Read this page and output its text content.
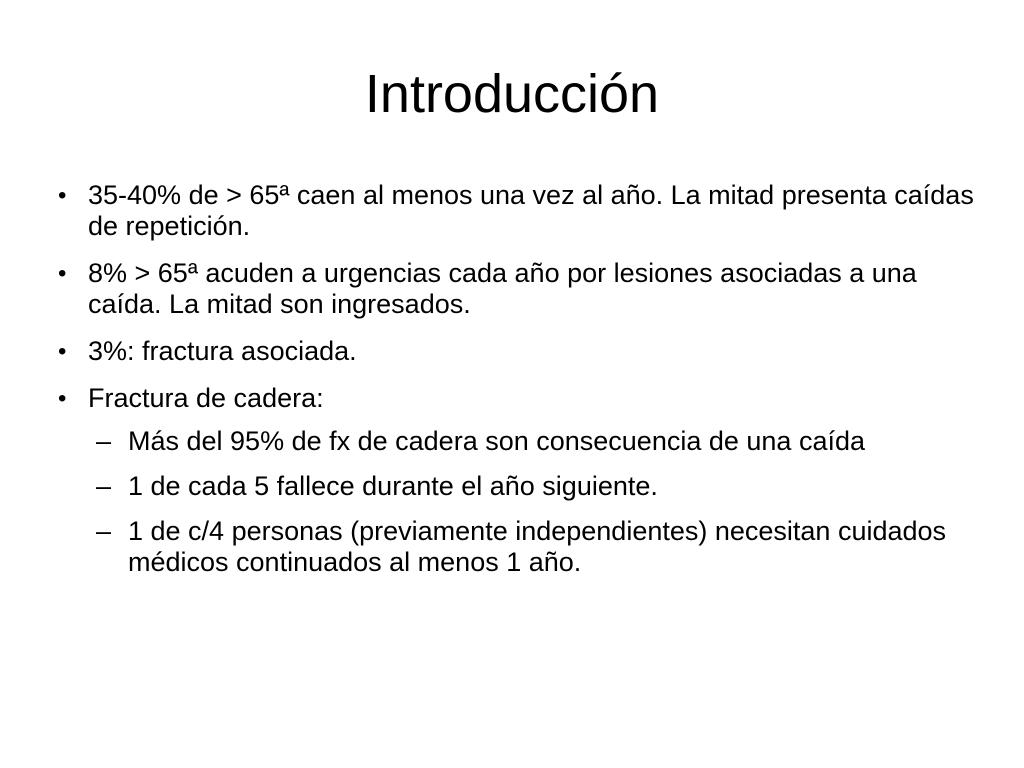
Introducción
• 35-40% de > 65ª caen al menos una vez al año. La mitad presenta caídas de repetición.
• 8% > 65ª acuden a urgencias cada año por lesiones asociadas a una caída. La mitad son ingresados.
• 3%: fractura asociada.
• Fractura de cadera:
– Más del 95% de fx de cadera son consecuencia de una caída
– 1 de cada 5 fallece durante el año siguiente.
– 1 de c/4 personas (previamente independientes) necesitan cuidados médicos continuados al menos 1 año.
